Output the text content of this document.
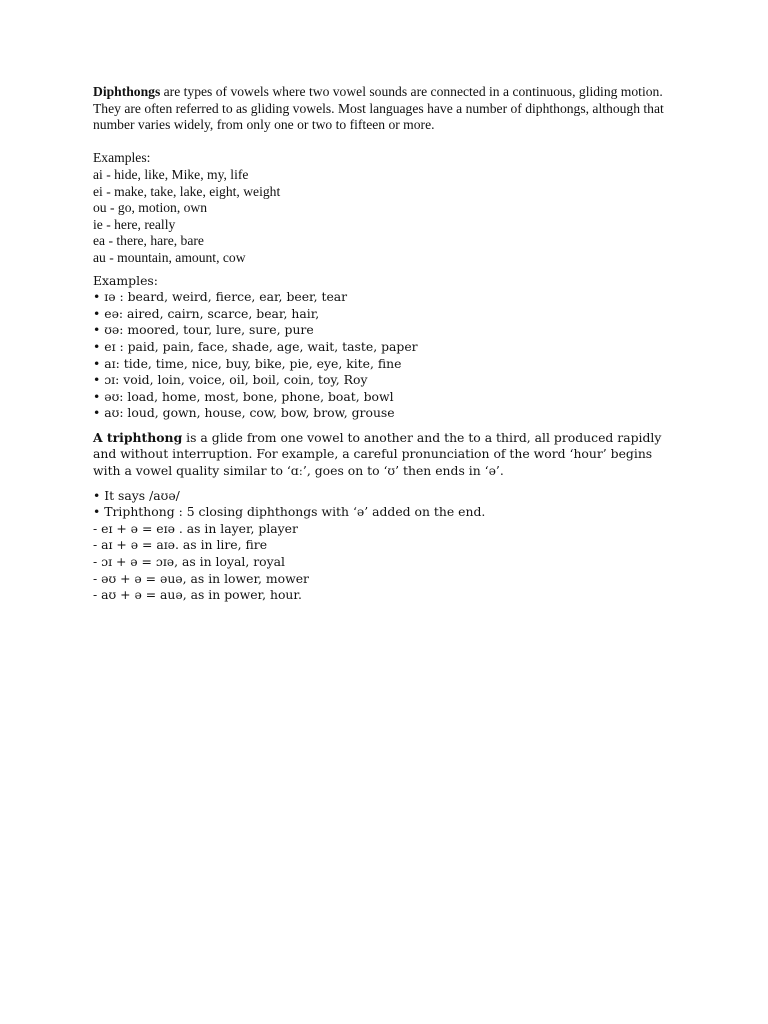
Diphthongs are types of vowels where two vowel sounds are connected in a continuous, gliding motion. They are often referred to as gliding vowels. Most languages have a number of diphthongs, although that number varies widely, from only one or two to fifteen or more.

Examples:
ai - hide, like, Mike, my, life
ei - make, take, lake, eight, weight
ou - go, motion, own
ie - here, really
ea - there, hare, bare
au - mountain, amount, cow
Examples:
• ɪə : beard, weird, fierce, ear, beer, tear
• eə: aired, cairn, scarce, bear, hair,
• ʊə: moored, tour, lure, sure, pure
• eɪ : paid, pain, face, shade, age, wait, taste, paper
• aɪ: tide, time, nice, buy, bike, pie, eye, kite, fine
• ɔɪ: void, loin, voice, oil, boil, coin, toy, Roy
• əʊ: load, home, most, bone, phone, boat, bowl
• aʊ: loud, gown, house, cow, bow, brow, grouse

A triphthong is a glide from one vowel to another and the to a third, all produced rapidly and without interruption. For example, a careful pronunciation of the word ‘hour’ begins with a vowel quality similar to ‘ɑː’, goes on to ‘ʊ’ then ends in ‘ə’.

• It says /aʊə/
• Triphthong : 5 closing diphthongs with ‘ə’ added on the end.
- eɪ + ə = eɪə . as in layer, player
- aɪ + ə = aɪə. as in lire, fire
- ɔɪ + ə = ɔɪə, as in loyal, royal
- əʊ + ə = əuə, as in lower, mower
- aʊ + ə = auə, as in power, hour.
